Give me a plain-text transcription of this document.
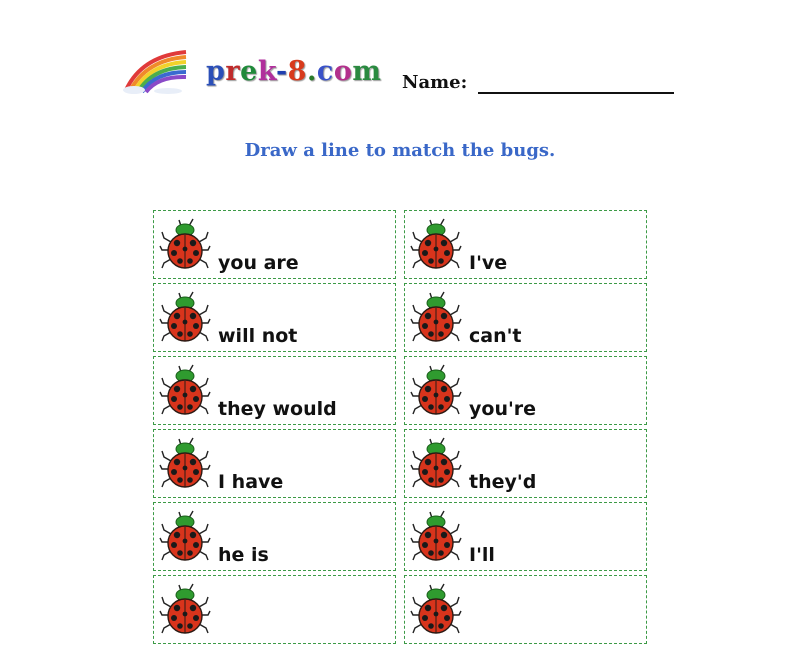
prek-8.com Name:
Draw a line to match the bugs.
you are	I've
will not	can't
they would	you're
I have	they'd
he is	I'll
